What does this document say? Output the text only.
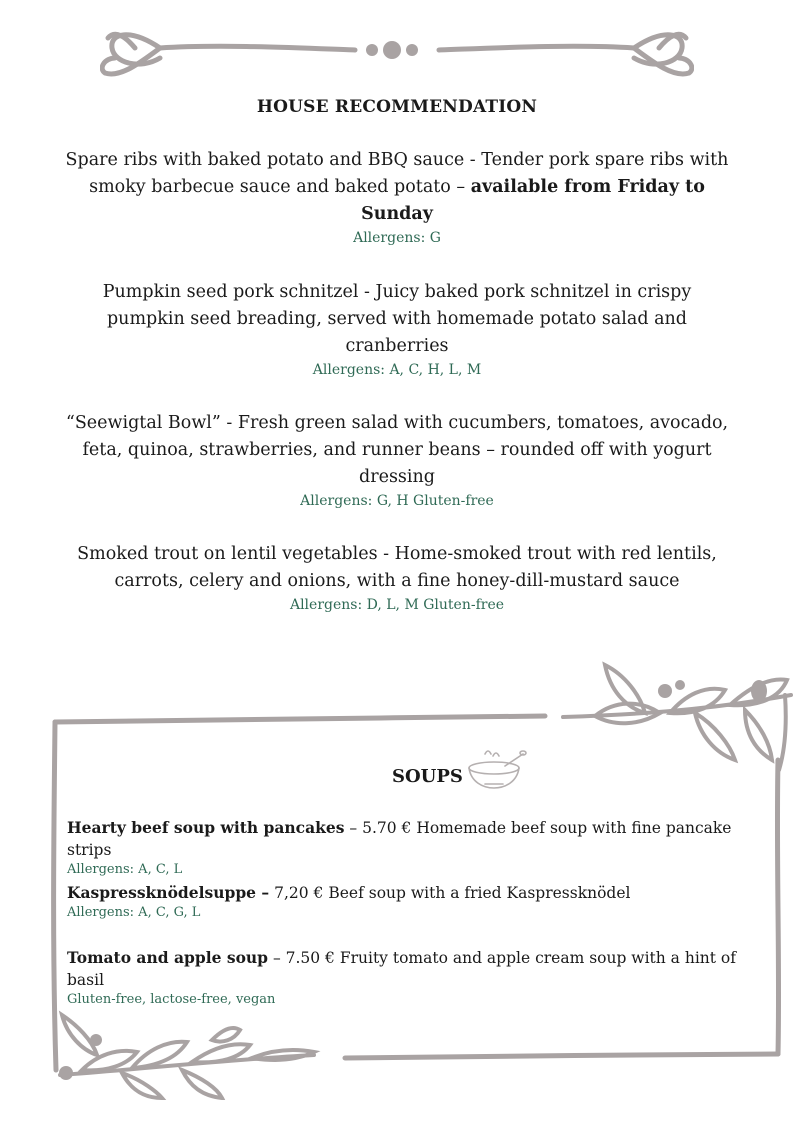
HOUSE RECOMMENDATION
Spare ribs with baked potato and BBQ sauce - Tender pork spare ribs with smoky barbecue sauce and baked potato – available from Friday to Sunday
Allergens: G
Pumpkin seed pork schnitzel - Juicy baked pork schnitzel in crispy pumpkin seed breading, served with homemade potato salad and cranberries
Allergens: A, C, H, L, M
“Seewigtal Bowl” - Fresh green salad with cucumbers, tomatoes, avocado, feta, quinoa, strawberries, and runner beans – rounded off with yogurt dressing
Allergens: G, H Gluten-free
Smoked trout on lentil vegetables - Home-smoked trout with red lentils, carrots, celery and onions, with a fine honey-dill-mustard sauce
Allergens: D, L, M Gluten-free
SOUPS
Hearty beef soup with pancakes – 5.70 € Homemade beef soup with fine pancake strips
Allergens: A, C, L
Kaspressknödelsuppe – 7,20 € Beef soup with a fried Kaspressknödel
Allergens: A, C, G, L
Tomato and apple soup – 7.50 € Fruity tomato and apple cream soup with a hint of basil
Gluten-free, lactose-free, vegan
